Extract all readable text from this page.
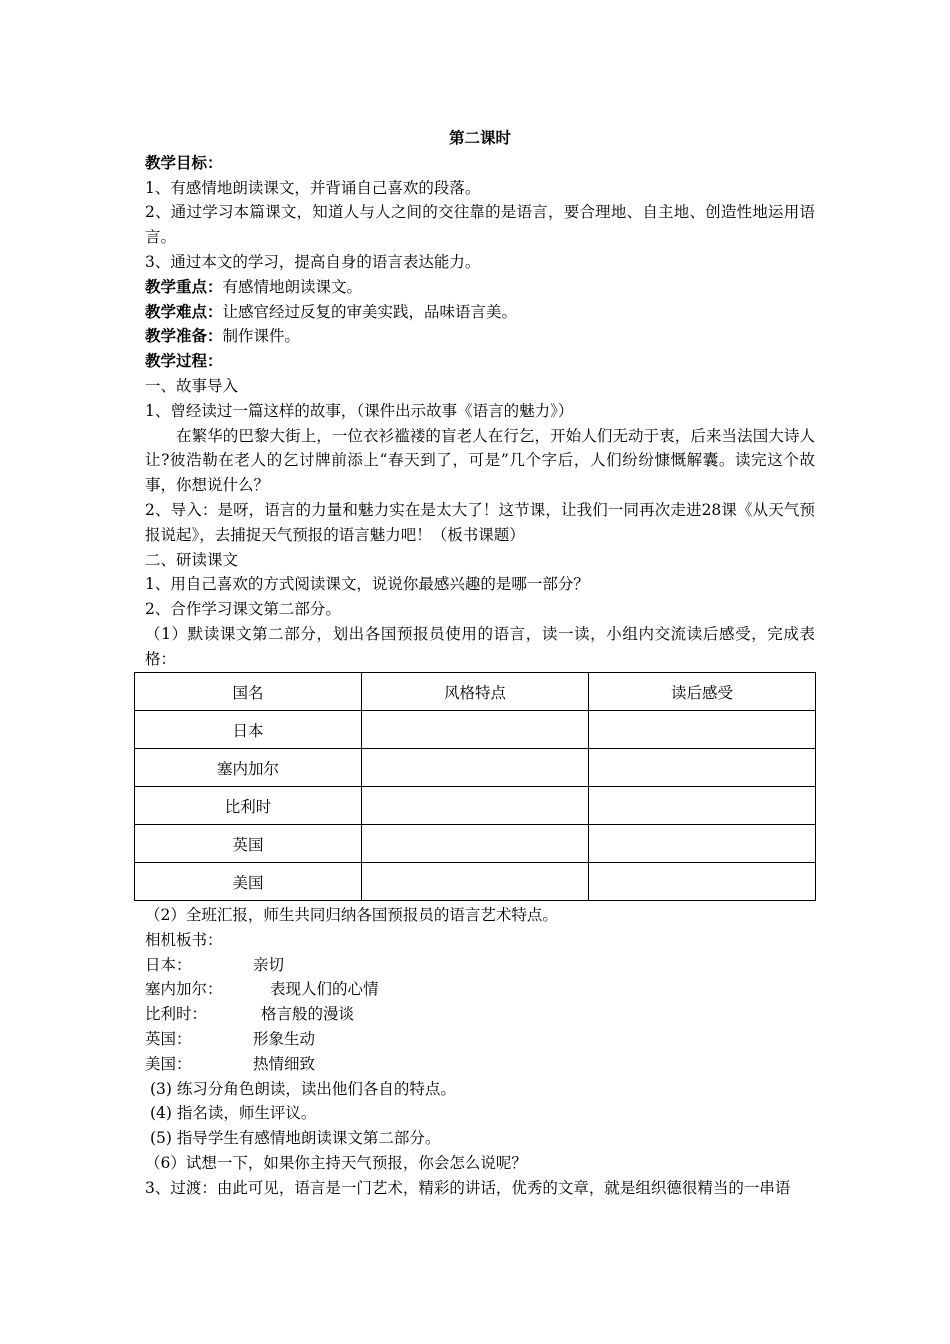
第二课时
教学目标：
1、有感情地朗读课文，并背诵自己喜欢的段落。
2、通过学习本篇课文，知道人与人之间的交往靠的是语言，要合理地、自主地、创造性地运用语言。
3、通过本文的学习，提高自身的语言表达能力。
教学重点：有感情地朗读课文。
教学难点：让感官经过反复的审美实践，品味语言美。
教学准备：制作课件。
教学过程：
一、故事导入
1、曾经读过一篇这样的故事，（课件出示故事《语言的魅力》）
在繁华的巴黎大街上，一位衣衫褴褛的盲老人在行乞，开始人们无动于衷，后来当法国大诗人让?彼浩勒在老人的乞讨牌前添上“春天到了，可是”几个字后，人们纷纷慷慨解囊。读完这个故事，你想说什么？
2、导入：是呀，语言的力量和魅力实在是太大了！这节课，让我们一同再次走进28课《从天气预报说起》，去捕捉天气预报的语言魅力吧！（板书课题）
二、研读课文
1、用自己喜欢的方式阅读课文，说说你最感兴趣的是哪一部分？
2、合作学习课文第二部分。
（1）默读课文第二部分，划出各国预报员使用的语言，读一读，小组内交流读后感受，完成表格：
国名	风格特点	读后感受
日本		
塞内加尔		
比利时		
英国		
美国		
（2）全班汇报，师生共同归纳各国预报员的语言艺术特点。
相机板书：
日本：	亲切
塞内加尔：	表现人们的心情
比利时：	格言般的漫谈
英国：	形象生动
美国：	热情细致
(3) 练习分角色朗读，读出他们各自的特点。
(4) 指名读，师生评议。
(5) 指导学生有感情地朗读课文第二部分。
（6）试想一下，如果你主持天气预报，你会怎么说呢？
3、过渡：由此可见，语言是一门艺术，精彩的讲话，优秀的文章，就是组织德很精当的一串语
